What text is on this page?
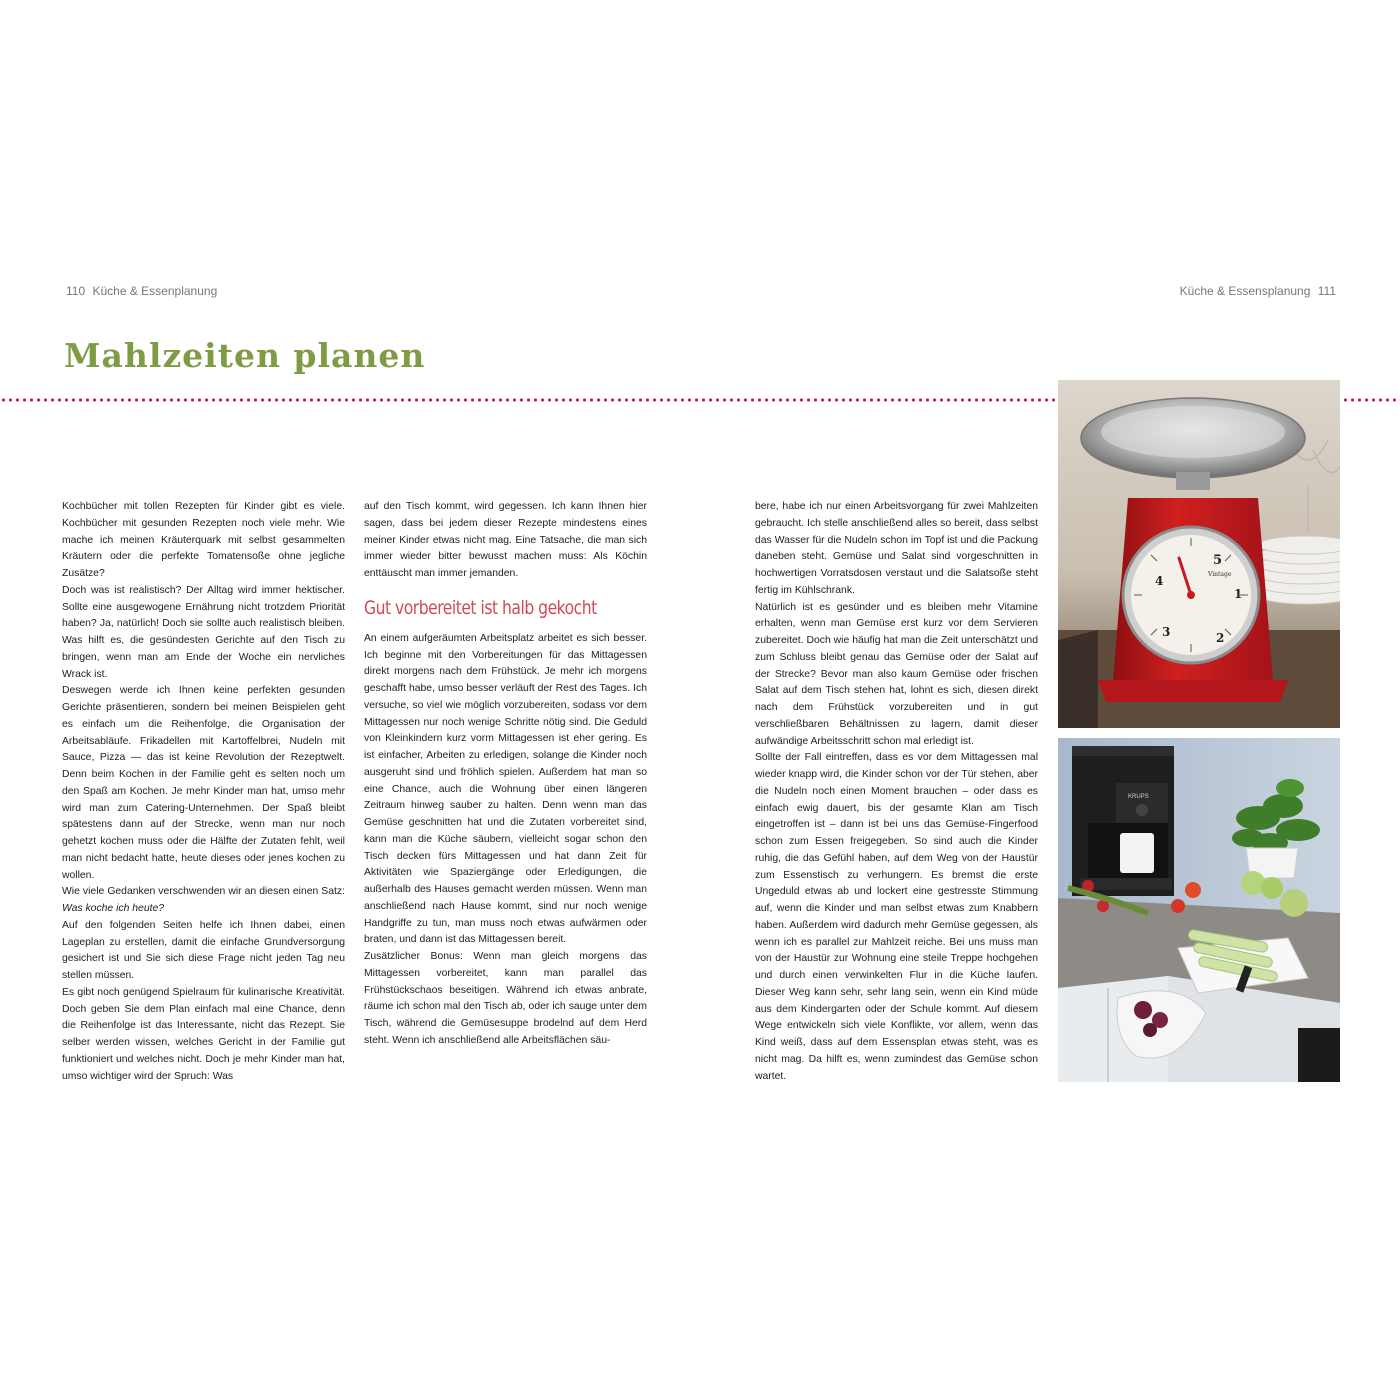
110 Küche & Essenplanung	Küche & Essensplanung 111
Mahlzeiten planen

Kochbücher mit tollen Rezepten für Kinder gibt es viele. Kochbücher mit gesunden Rezepten noch viele mehr. Wie mache ich meinen Kräuterquark mit selbst gesammelten Kräutern oder die perfekte Tomatensoße ohne jegliche Zusätze?

Doch was ist realistisch? Der Alltag wird immer hektischer. Sollte eine ausgewogene Ernährung nicht trotzdem Priorität haben? Ja, natürlich! Doch sie sollte auch realistisch bleiben. Was hilft es, die gesündesten Gerichte auf den Tisch zu bringen, wenn man am Ende der Woche ein nervliches Wrack ist.

Deswegen werde ich Ihnen keine perfekten gesunden Gerichte präsentieren, sondern bei meinen Beispielen geht es einfach um die Reihenfolge, die Organisation der Arbeitsabläufe. Frikadellen mit Kartoffelbrei, Nudeln mit Sauce, Pizza — das ist keine Revolution der Rezeptwelt. Denn beim Kochen in der Familie geht es selten noch um den Spaß am Kochen. Je mehr Kinder man hat, umso mehr wird man zum Catering-Unternehmen. Der Spaß bleibt spätestens dann auf der Strecke, wenn man nur noch gehetzt kochen muss oder die Hälfte der Zutaten fehlt, weil man nicht bedacht hatte, heute dieses oder jenes kochen zu wollen.

Wie viele Gedanken verschwenden wir an diesen einen Satz: Was koche ich heute?

Auf den folgenden Seiten helfe ich Ihnen dabei, einen Lageplan zu erstellen, damit die einfache Grundversorgung gesichert ist und Sie sich diese Frage nicht jeden Tag neu stellen müssen.

Es gibt noch genügend Spielraum für kulinarische Kreativität. Doch geben Sie dem Plan einfach mal eine Chance, denn die Reihenfolge ist das Interessante, nicht das Rezept. Sie selber werden wissen, welches Gericht in der Familie gut funktioniert und welches nicht. Doch je mehr Kinder man hat, umso wichtiger wird der Spruch: Was

auf den Tisch kommt, wird gegessen. Ich kann Ihnen hier sagen, dass bei jedem dieser Rezepte mindestens eines meiner Kinder etwas nicht mag. Eine Tatsache, die man sich immer wieder bitter bewusst machen muss: Als Köchin enttäuscht man immer jemanden.

Gut vorbereitet ist halb gekocht

An einem aufgeräumten Arbeitsplatz arbeitet es sich besser. Ich beginne mit den Vorbereitungen für das Mittagessen direkt morgens nach dem Frühstück. Je mehr ich morgens geschafft habe, umso besser verläuft der Rest des Tages. Ich versuche, so viel wie möglich vorzubereiten, sodass vor dem Mittagessen nur noch wenige Schritte nötig sind. Die Geduld von Kleinkindern kurz vorm Mittagessen ist eher gering. Es ist einfacher, Arbeiten zu erledigen, solange die Kinder noch ausgeruht sind und fröhlich spielen. Außerdem hat man so eine Chance, auch die Wohnung über einen längeren Zeitraum hinweg sauber zu halten. Denn wenn man das Gemüse geschnitten hat und die Zutaten vorbereitet sind, kann man die Küche säubern, vielleicht sogar schon den Tisch decken fürs Mittagessen und hat dann Zeit für Aktivitäten wie Spaziergänge oder Erledigungen, die außerhalb des Hauses gemacht werden müssen. Wenn man anschließend nach Hause kommt, sind nur noch wenige Handgriffe zu tun, man muss noch etwas aufwärmen oder braten, und dann ist das Mittagessen bereit.

Zusätzlicher Bonus: Wenn man gleich morgens das Mittagessen vorbereitet, kann man parallel das Frühstückschaos beseitigen. Während ich etwas anbrate, räume ich schon mal den Tisch ab, oder ich sauge unter dem Tisch, während die Gemüsesuppe brodelnd auf dem Herd steht. Wenn ich anschließend alle Arbeitsflächen säu-

bere, habe ich nur einen Arbeitsvorgang für zwei Mahlzeiten gebraucht. Ich stelle anschließend alles so bereit, dass selbst das Wasser für die Nudeln schon im Topf ist und die Packung daneben steht. Gemüse und Salat sind vorgeschnitten in hochwertigen Vorratsdosen verstaut und die Salatsoße steht fertig im Kühlschrank.

Natürlich ist es gesünder und es bleiben mehr Vitamine erhalten, wenn man Gemüse erst kurz vor dem Servieren zubereitet. Doch wie häufig hat man die Zeit unterschätzt und zum Schluss bleibt genau das Gemüse oder der Salat auf der Strecke? Bevor man also kaum Gemüse oder frischen Salat auf dem Tisch stehen hat, lohnt es sich, diesen direkt nach dem Frühstück vorzubereiten und in gut verschließbaren Behältnissen zu lagern, damit dieser aufwändige Arbeitsschritt schon mal erledigt ist.

Sollte der Fall eintreffen, dass es vor dem Mittagessen mal wieder knapp wird, die Kinder schon vor der Tür stehen, aber die Nudeln noch einen Moment brauchen – oder dass es einfach ewig dauert, bis der gesamte Klan am Tisch eingetroffen ist – dann ist bei uns das Gemüse-Fingerfood schon zum Essen freigegeben. So sind auch die Kinder ruhig, die das Gefühl haben, auf dem Weg von der Haustür zum Essenstisch zu verhungern. Es bremst die erste Ungeduld etwas ab und lockert eine gestresste Stimmung auf, wenn die Kinder und man selbst etwas zum Knabbern haben. Außerdem wird dadurch mehr Gemüse gegessen, als wenn ich es parallel zur Mahlzeit reiche. Bei uns muss man von der Haustür zur Wohnung eine steile Treppe hochgehen und durch einen verwinkelten Flur in die Küche laufen. Dieser Weg kann sehr, sehr lang sein, wenn ein Kind müde aus dem Kindergarten oder der Schule kommt. Auf diesem Wege entwickeln sich viele Konflikte, vor allem, wenn das Kind weiß, dass auf dem Essensplan etwas steht, was es nicht mag. Da hilft es, wenn zumindest das Gemüse schon wartet.

5
4
1
3	2
Vintage
KRUPS
